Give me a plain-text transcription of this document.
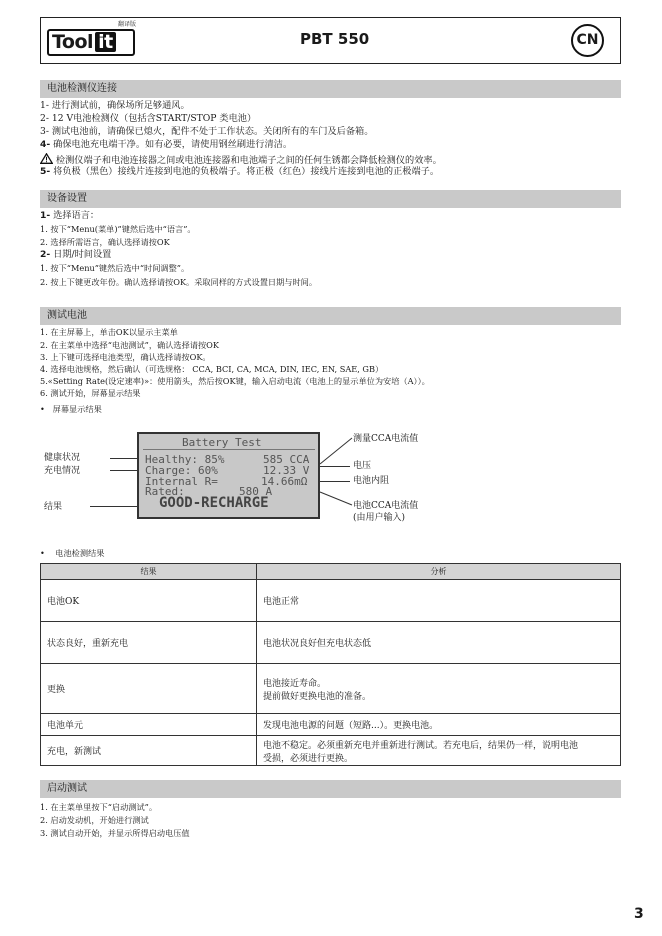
翻译版
Tool it	PBT 550	CN
电池检测仪连接
1- 进行测试前，确保场所足够通风。
2- 12 V电池检测仪（包括含START/STOP 类电池）
3- 测试电池前，请确保已熄火，配件不处于工作状态。关闭所有的车门及后备箱。
4- 确保电池充电端干净。如有必要，请使用钢丝刷进行清洁。
检测仪端子和电池连接器之间或电池连接器和电池端子之间的任何生锈都会降低检测仪的效率。
5- 将负极（黑色）接线片连接到电池的负极端子。将正极（红色）接线片连接到电池的正极端子。
设备设置
1- 选择语言：
1. 按下“Menu(菜单)”键然后选中“语言”。
2. 选择所需语言，确认选择请按OK
2- 日期/时间设置
1. 按下“Menu”键然后选中“时间调整”。
2. 按上下键更改年份。确认选择请按OK。采取同样的方式设置日期与时间。
测试电池
1. 在主屏幕上，单击OK以显示主菜单
2. 在主菜单中选择“电池测试”，确认选择请按OK
3. 上下键可选择电池类型，确认选择请按OK。
4. 选择电池规格，然后确认（可选规格： CCA, BCI, CA, MCA, DIN, IEC, EN, SAE, GB）
5.«Setting Rate(设定速率)»：使用箭头，然后按OK键，输入启动电流（电池上的显示单位为安培（A））。
6. 测试开始，屏幕显示结果
•   屏幕显示结果
Battery Test
Healthy: 85%	585 CCA
Charge: 60%	12.33 V
Internal R=	14.66mΩ
Rated:	580 A
GOOD-RECHARGE
健康状况
充电情况
结果
测量CCA电流值
电压
电池内阻
电池CCA电流值
(由用户输入)
•    电池检测结果
结果	分析
电池OK	电池正常
状态良好，重新充电	电池状况良好但充电状态低
更换	电池接近寿命。
提前做好更换电池的准备。

电池单元	发现电池电源的问题（短路...）。更换电池。
充电，新测试	电池不稳定。必须重新充电并重新进行测试。若充电后，结果仍一样，说明电池
受损，必须进行更换。
启动测试
1. 在主菜单里按下“启动测试”。
2. 启动发动机，开始进行测试
3. 测试自动开始，并显示所得启动电压值
3
